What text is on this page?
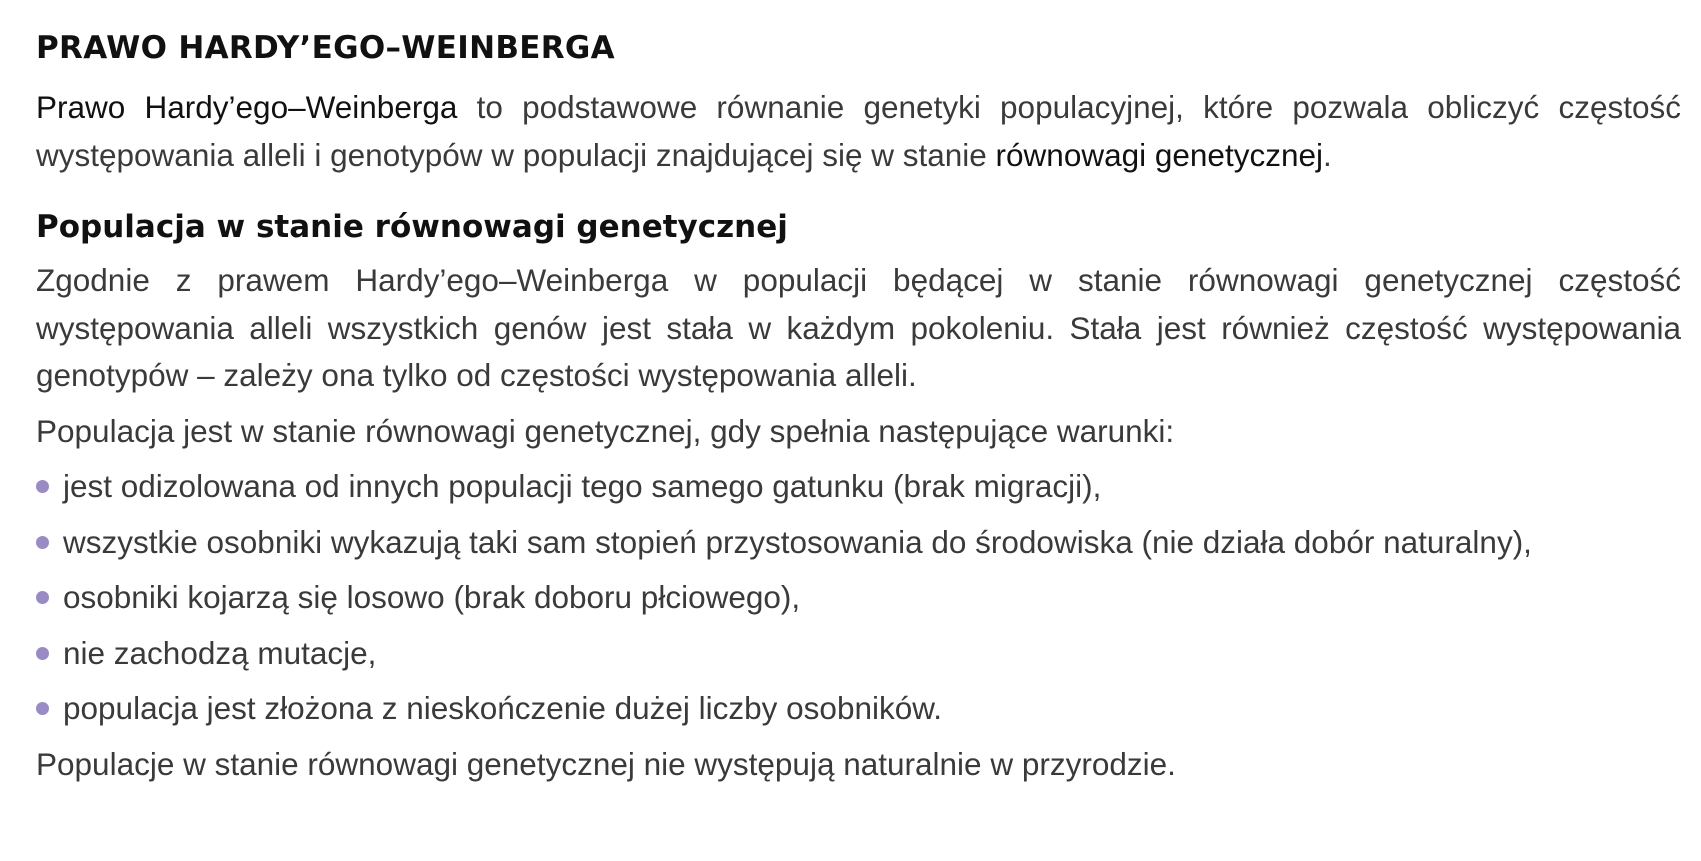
PRAWO HARDY’EGO–WEINBERGA

Prawo Hardy’ego–Weinberga to podstawowe równanie genetyki populacyjnej, które pozwala obliczyć częstość występowania alleli i genotypów w populacji znajdującej się w stanie równowagi genetycznej.

Populacja w stanie równowagi genetycznej

Zgodnie z prawem Hardy’ego–Weinberga w populacji będącej w stanie równowagi genetycznej częstość występowania alleli wszystkich genów jest stała w każdym pokoleniu. Stała jest również częstość występowania genotypów – zależy ona tylko od częstości występowania alleli.

Populacja jest w stanie równowagi genetycznej, gdy spełnia następujące warunki:

jest odizolowana od innych populacji tego samego gatunku (brak migracji),
wszystkie osobniki wykazują taki sam stopień przystosowania do środowiska (nie działa dobór naturalny),
osobniki kojarzą się losowo (brak doboru płciowego),
nie zachodzą mutacje,
populacja jest złożona z nieskończenie dużej liczby osobników.

Populacje w stanie równowagi genetycznej nie występują naturalnie w przyrodzie.
